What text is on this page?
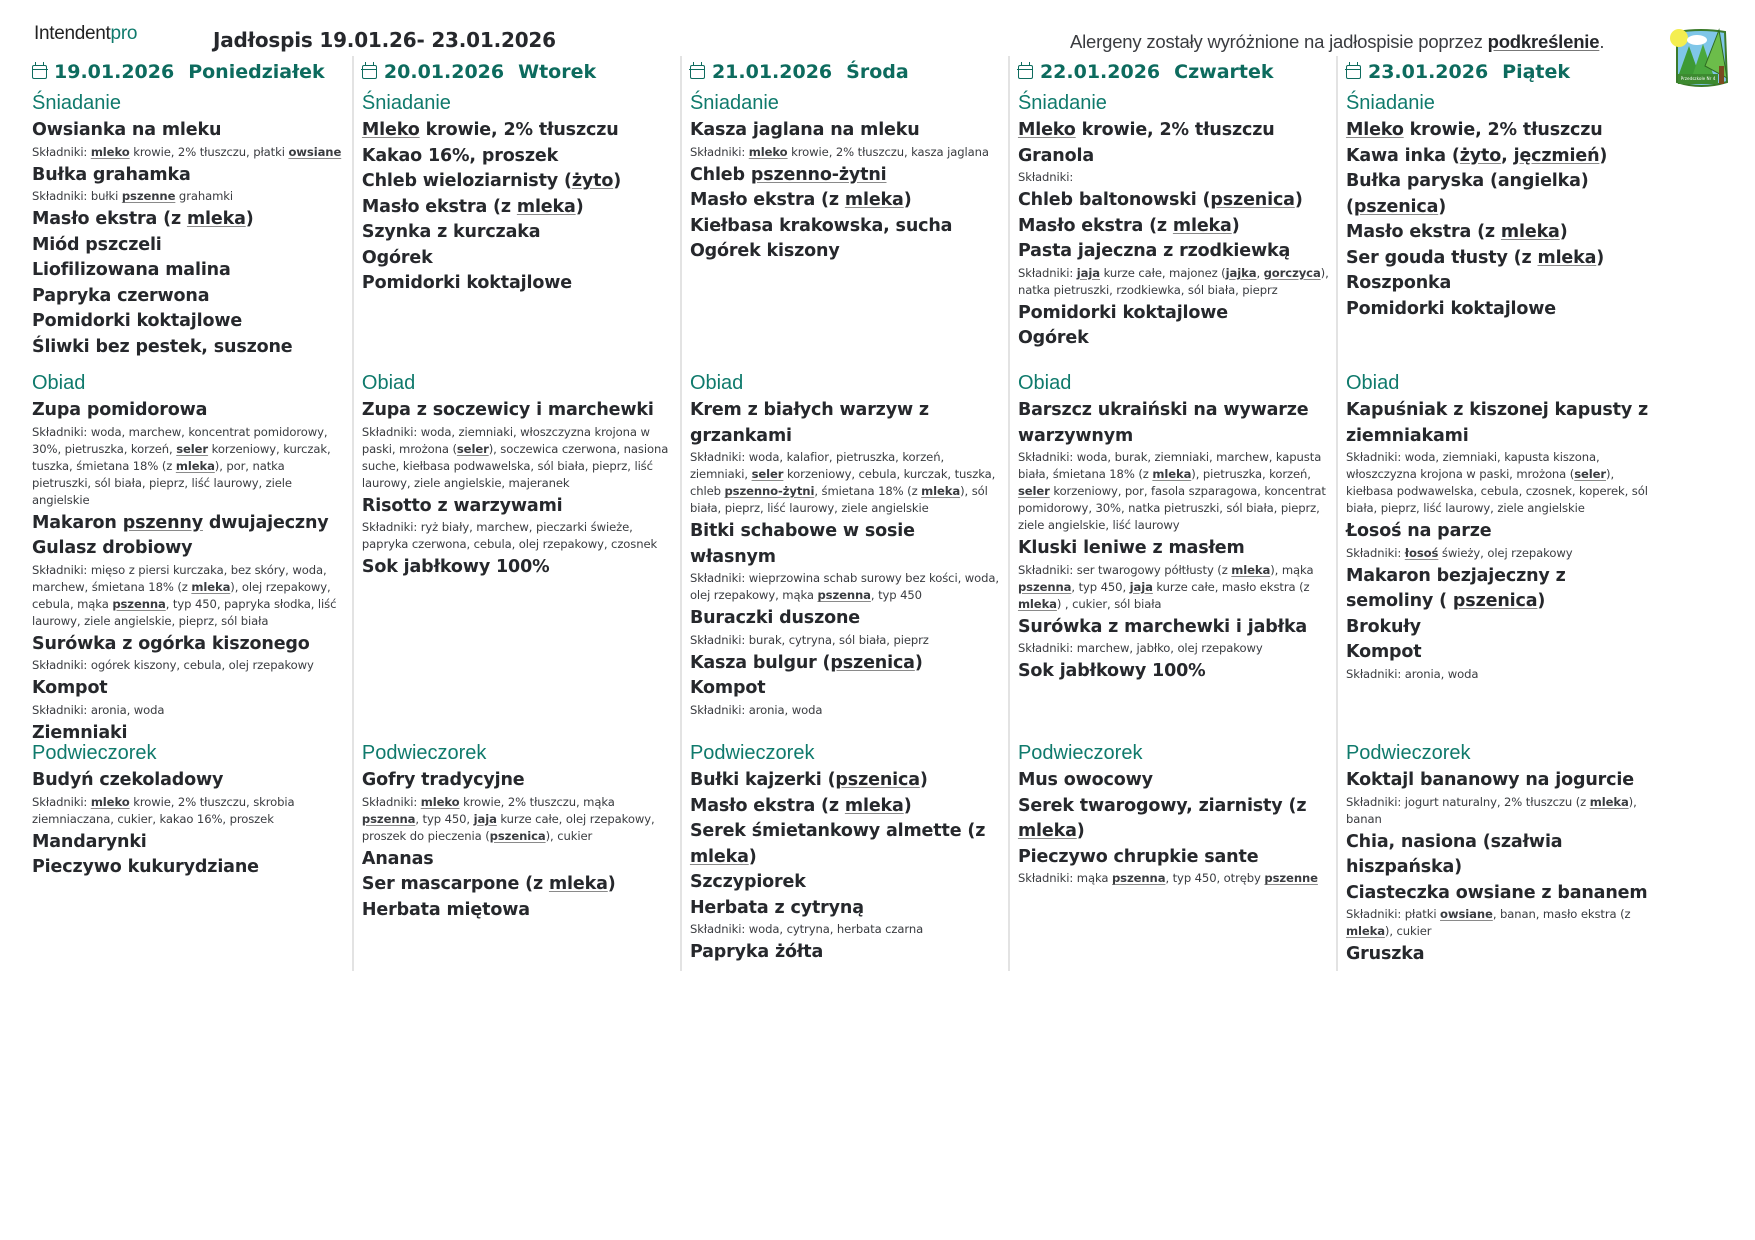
Intendentpro	Jadłospis 19.01.26- 23.01.2026	Alergeny zostały wyróżnione na jadłospisie poprzez podkreślenie.
Przedszkole Nr 4
19.01.2026 Poniedziałek
Śniadanie
Owsianka na mleku
Składniki: mleko krowie, 2% tłuszczu, płatki owsiane
Bułka grahamka
Składniki: bułki pszenne grahamki
Masło ekstra (z mleka)
Miód pszczeli
Liofilizowana malina
Papryka czerwona
Pomidorki koktajlowe
Śliwki bez pestek, suszone
Obiad
Zupa pomidorowa
Składniki: woda, marchew, koncentrat pomidorowy, 30%, pietruszka, korzeń, seler korzeniowy, kurczak, tuszka, śmietana 18% (z mleka), por, natka pietruszki, sól biała, pieprz, liść laurowy, ziele angielskie
Makaron pszenny dwujajeczny
Gulasz drobiowy
Składniki: mięso z piersi kurczaka, bez skóry, woda, marchew, śmietana 18% (z mleka), olej rzepakowy, cebula, mąka pszenna, typ 450, papryka słodka, liść laurowy, ziele angielskie, pieprz, sól biała
Surówka z ogórka kiszonego
Składniki: ogórek kiszony, cebula, olej rzepakowy
Kompot
Składniki: aronia, woda
Ziemniaki
Podwieczorek
Budyń czekoladowy
Składniki: mleko krowie, 2% tłuszczu, skrobia ziemniaczana, cukier, kakao 16%, proszek
Mandarynki
Pieczywo kukurydziane
20.01.2026 Wtorek
Śniadanie
Mleko krowie, 2% tłuszczu
Kakao 16%, proszek
Chleb wieloziarnisty (żyto)
Masło ekstra (z mleka)
Szynka z kurczaka
Ogórek
Pomidorki koktajlowe
Obiad
Zupa z soczewicy i marchewki
Składniki: woda, ziemniaki, włoszczyzna krojona w paski, mrożona (seler), soczewica czerwona, nasiona suche, kiełbasa podwawelska, sól biała, pieprz, liść laurowy, ziele angielskie, majeranek
Risotto z warzywami
Składniki: ryż biały, marchew, pieczarki świeże, papryka czerwona, cebula, olej rzepakowy, czosnek
Sok jabłkowy 100%
Podwieczorek
Gofry tradycyjne
Składniki: mleko krowie, 2% tłuszczu, mąka pszenna, typ 450, jaja kurze całe, olej rzepakowy, proszek do pieczenia (pszenica), cukier
Ananas
Ser mascarpone (z mleka)
Herbata miętowa
21.01.2026 Środa
Śniadanie
Kasza jaglana na mleku
Składniki: mleko krowie, 2% tłuszczu, kasza jaglana
Chleb pszenno-żytni
Masło ekstra (z mleka)
Kiełbasa krakowska, sucha
Ogórek kiszony
Obiad
Krem z białych warzyw z grzankami
Składniki: woda, kalafior, pietruszka, korzeń, ziemniaki, seler korzeniowy, cebula, kurczak, tuszka, chleb pszenno-żytni, śmietana 18% (z mleka), sól biała, pieprz, liść laurowy, ziele angielskie
Bitki schabowe w sosie własnym
Składniki: wieprzowina schab surowy bez kości, woda, olej rzepakowy, mąka pszenna, typ 450
Buraczki duszone
Składniki: burak, cytryna, sól biała, pieprz
Kasza bulgur (pszenica)
Kompot
Składniki: aronia, woda
Podwieczorek
Bułki kajzerki (pszenica)
Masło ekstra (z mleka)
Serek śmietankowy almette (z mleka)
Szczypiorek
Herbata z cytryną
Składniki: woda, cytryna, herbata czarna
Papryka żółta
22.01.2026 Czwartek
Śniadanie
Mleko krowie, 2% tłuszczu
Granola
Składniki:
Chleb baltonowski (pszenica)
Masło ekstra (z mleka)
Pasta jajeczna z rzodkiewką
Składniki: jaja kurze całe, majonez (jajka, gorczyca), natka pietruszki, rzodkiewka, sól biała, pieprz
Pomidorki koktajlowe
Ogórek
Obiad
Barszcz ukraiński na wywarze warzywnym
Składniki: woda, burak, ziemniaki, marchew, kapusta biała, śmietana 18% (z mleka), pietruszka, korzeń, seler korzeniowy, por, fasola szparagowa, koncentrat pomidorowy, 30%, natka pietruszki, sól biała, pieprz, ziele angielskie, liść laurowy
Kluski leniwe z masłem
Składniki: ser twarogowy półtłusty (z mleka), mąka pszenna, typ 450, jaja kurze całe, masło ekstra (z mleka) , cukier, sól biała
Surówka z marchewki i jabłka
Składniki: marchew, jabłko, olej rzepakowy
Sok jabłkowy 100%
Podwieczorek
Mus owocowy
Serek twarogowy, ziarnisty (z mleka)
Pieczywo chrupkie sante
Składniki: mąka pszenna, typ 450, otręby pszenne
23.01.2026 Piątek
Śniadanie
Mleko krowie, 2% tłuszczu
Kawa inka (żyto, jęczmień)
Bułka paryska (angielka) (pszenica)
Masło ekstra (z mleka)
Ser gouda tłusty (z mleka)
Roszponka
Pomidorki koktajlowe
Obiad
Kapuśniak z kiszonej kapusty z ziemniakami
Składniki: woda, ziemniaki, kapusta kiszona, włoszczyzna krojona w paski, mrożona (seler), kiełbasa podwawelska, cebula, czosnek, koperek, sól biała, pieprz, liść laurowy, ziele angielskie
Łosoś na parze
Składniki: łosoś świeży, olej rzepakowy
Makaron bezjajeczny z semoliny ( pszenica)
Brokuły
Kompot
Składniki: aronia, woda
Podwieczorek
Koktajl bananowy na jogurcie
Składniki: jogurt naturalny, 2% tłuszczu (z mleka), banan
Chia, nasiona (szałwia hiszpańska)
Ciasteczka owsiane z bananem
Składniki: płatki owsiane, banan, masło ekstra (z mleka), cukier
Gruszka
